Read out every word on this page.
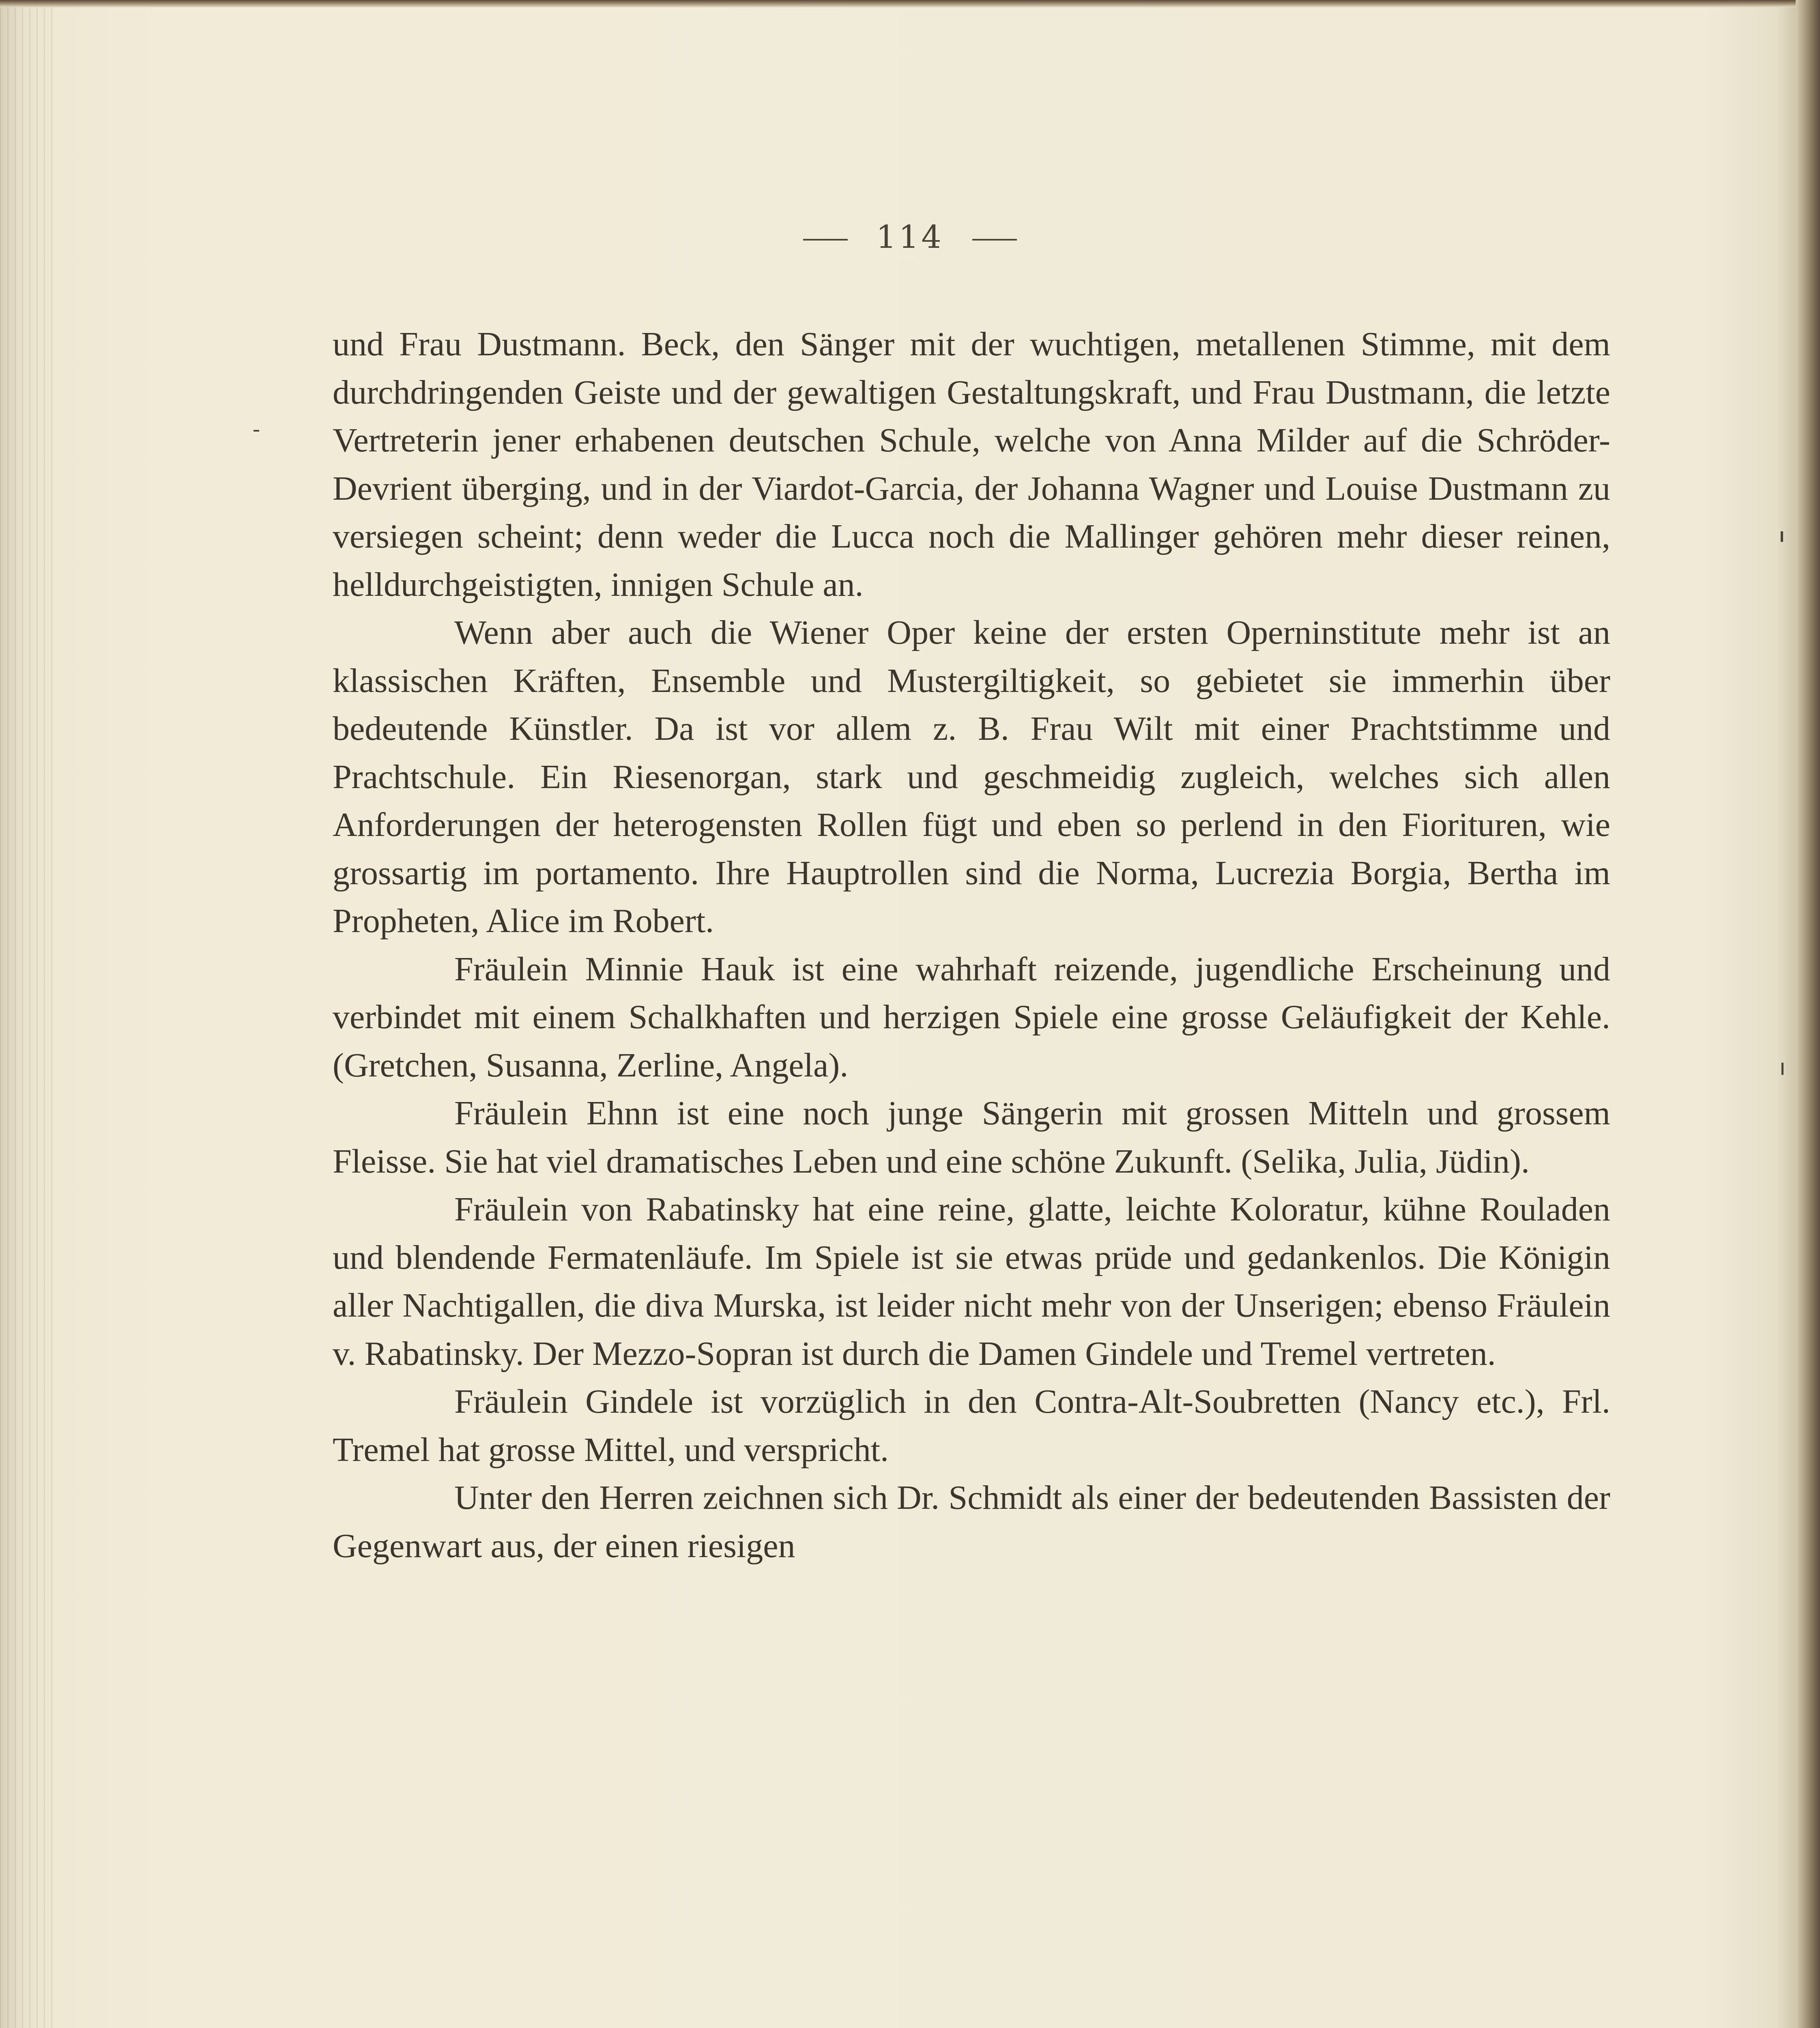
114

und Frau Dustmann. Beck, den Sänger mit der wuchtigen, metallenen Stimme, mit dem durchdringenden Geiste und der gewaltigen Gestaltungskraft, und Frau Dustmann, die letzte Vertreterin jener erhabenen deutschen Schule, welche von Anna Milder auf die Schröder-Devrient überging, und in der Viardot-Garcia, der Johanna Wagner und Louise Dustmann zu versiegen scheint; denn weder die Lucca noch die Mallinger gehören mehr dieser reinen, helldurchgeistigten, innigen Schule an.

Wenn aber auch die Wiener Oper keine der ersten Operninstitute mehr ist an klassischen Kräften, Ensemble und Mustergiltigkeit, so gebietet sie immerhin über bedeutende Künstler. Da ist vor allem z. B. Frau Wilt mit einer Prachtstimme und Prachtschule. Ein Riesenorgan, stark und geschmeidig zugleich, welches sich allen Anforderungen der heterogensten Rollen fügt und eben so perlend in den Fiorituren, wie grossartig im portamento. Ihre Hauptrollen sind die Norma, Lucrezia Borgia, Bertha im Propheten, Alice im Robert.

Fräulein Minnie Hauk ist eine wahrhaft reizende, jugendliche Erscheinung und verbindet mit einem Schalkhaften und herzigen Spiele eine grosse Geläufigkeit der Kehle. (Gretchen, Susanna, Zerline, Angela).

Fräulein Ehnn ist eine noch junge Sängerin mit grossen Mitteln und grossem Fleisse. Sie hat viel dramatisches Leben und eine schöne Zukunft. (Selika, Julia, Jüdin).

Fräulein von Rabatinsky hat eine reine, glatte, leichte Koloratur, kühne Rouladen und blendende Fermatenläufe. Im Spiele ist sie etwas prüde und gedankenlos. Die Königin aller Nachtigallen, die diva Murska, ist leider nicht mehr von der Unserigen; ebenso Fräulein v. Rabatinsky. Der Mezzo-Sopran ist durch die Damen Gindele und Tremel vertreten.

Fräulein Gindele ist vorzüglich in den Contra-Alt-Soubretten (Nancy etc.), Frl. Tremel hat grosse Mittel, und verspricht.

Unter den Herren zeichnen sich Dr. Schmidt als einer der bedeutenden Bassisten der Gegenwart aus, der einen riesigen
